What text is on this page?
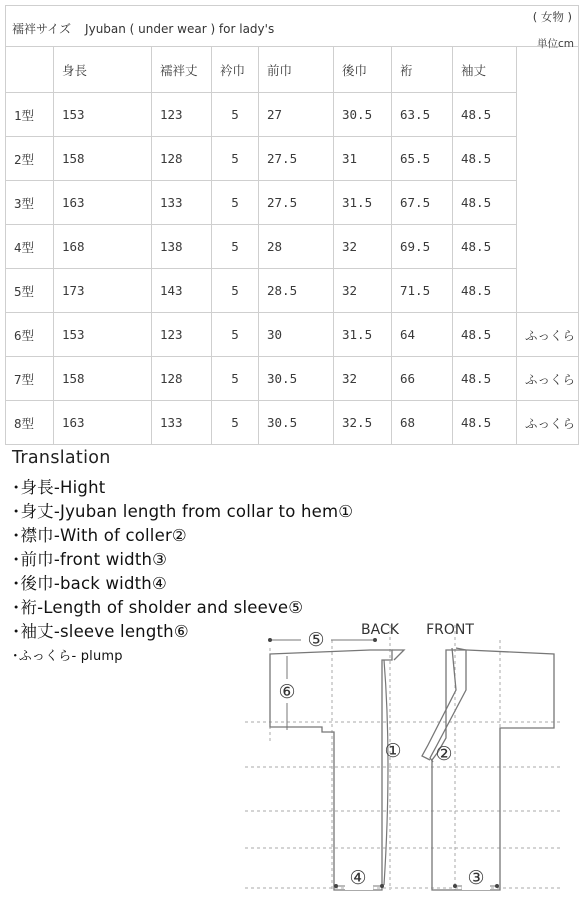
襦袢サイズ Jyuban ( under wear ) for lady's
( 女物 )
単位cm								

	身長	襦袢丈	衿巾	前巾	後巾	裄	袖丈	
1型	153	123	5	27	30.5	63.5	48.5	
2型	158	128	5	27.5	31	65.5	48.5	
3型	163	133	5	27.5	31.5	67.5	48.5	
4型	168	138	5	28	32	69.5	48.5	
5型	173	143	5	28.5	32	71.5	48.5	
6型	153	123	5	30	31.5	64	48.5	ふっくら
7型	158	128	5	30.5	32	66	48.5	ふっくら
8型	163	133	5	30.5	32.5	68	48.5	ふっくら
Translation
･身長-Hight
･身丈-Jyuban length from collar to hem①
･襟巾-With of coller②
･前巾-front width③
･後巾-back width④
･裄-Length of sholder and sleeve⑤
･袖丈-sleeve length⑥
･ふっくら- plump
⑤
⑥
① ②
④	③
BACK FRONT
